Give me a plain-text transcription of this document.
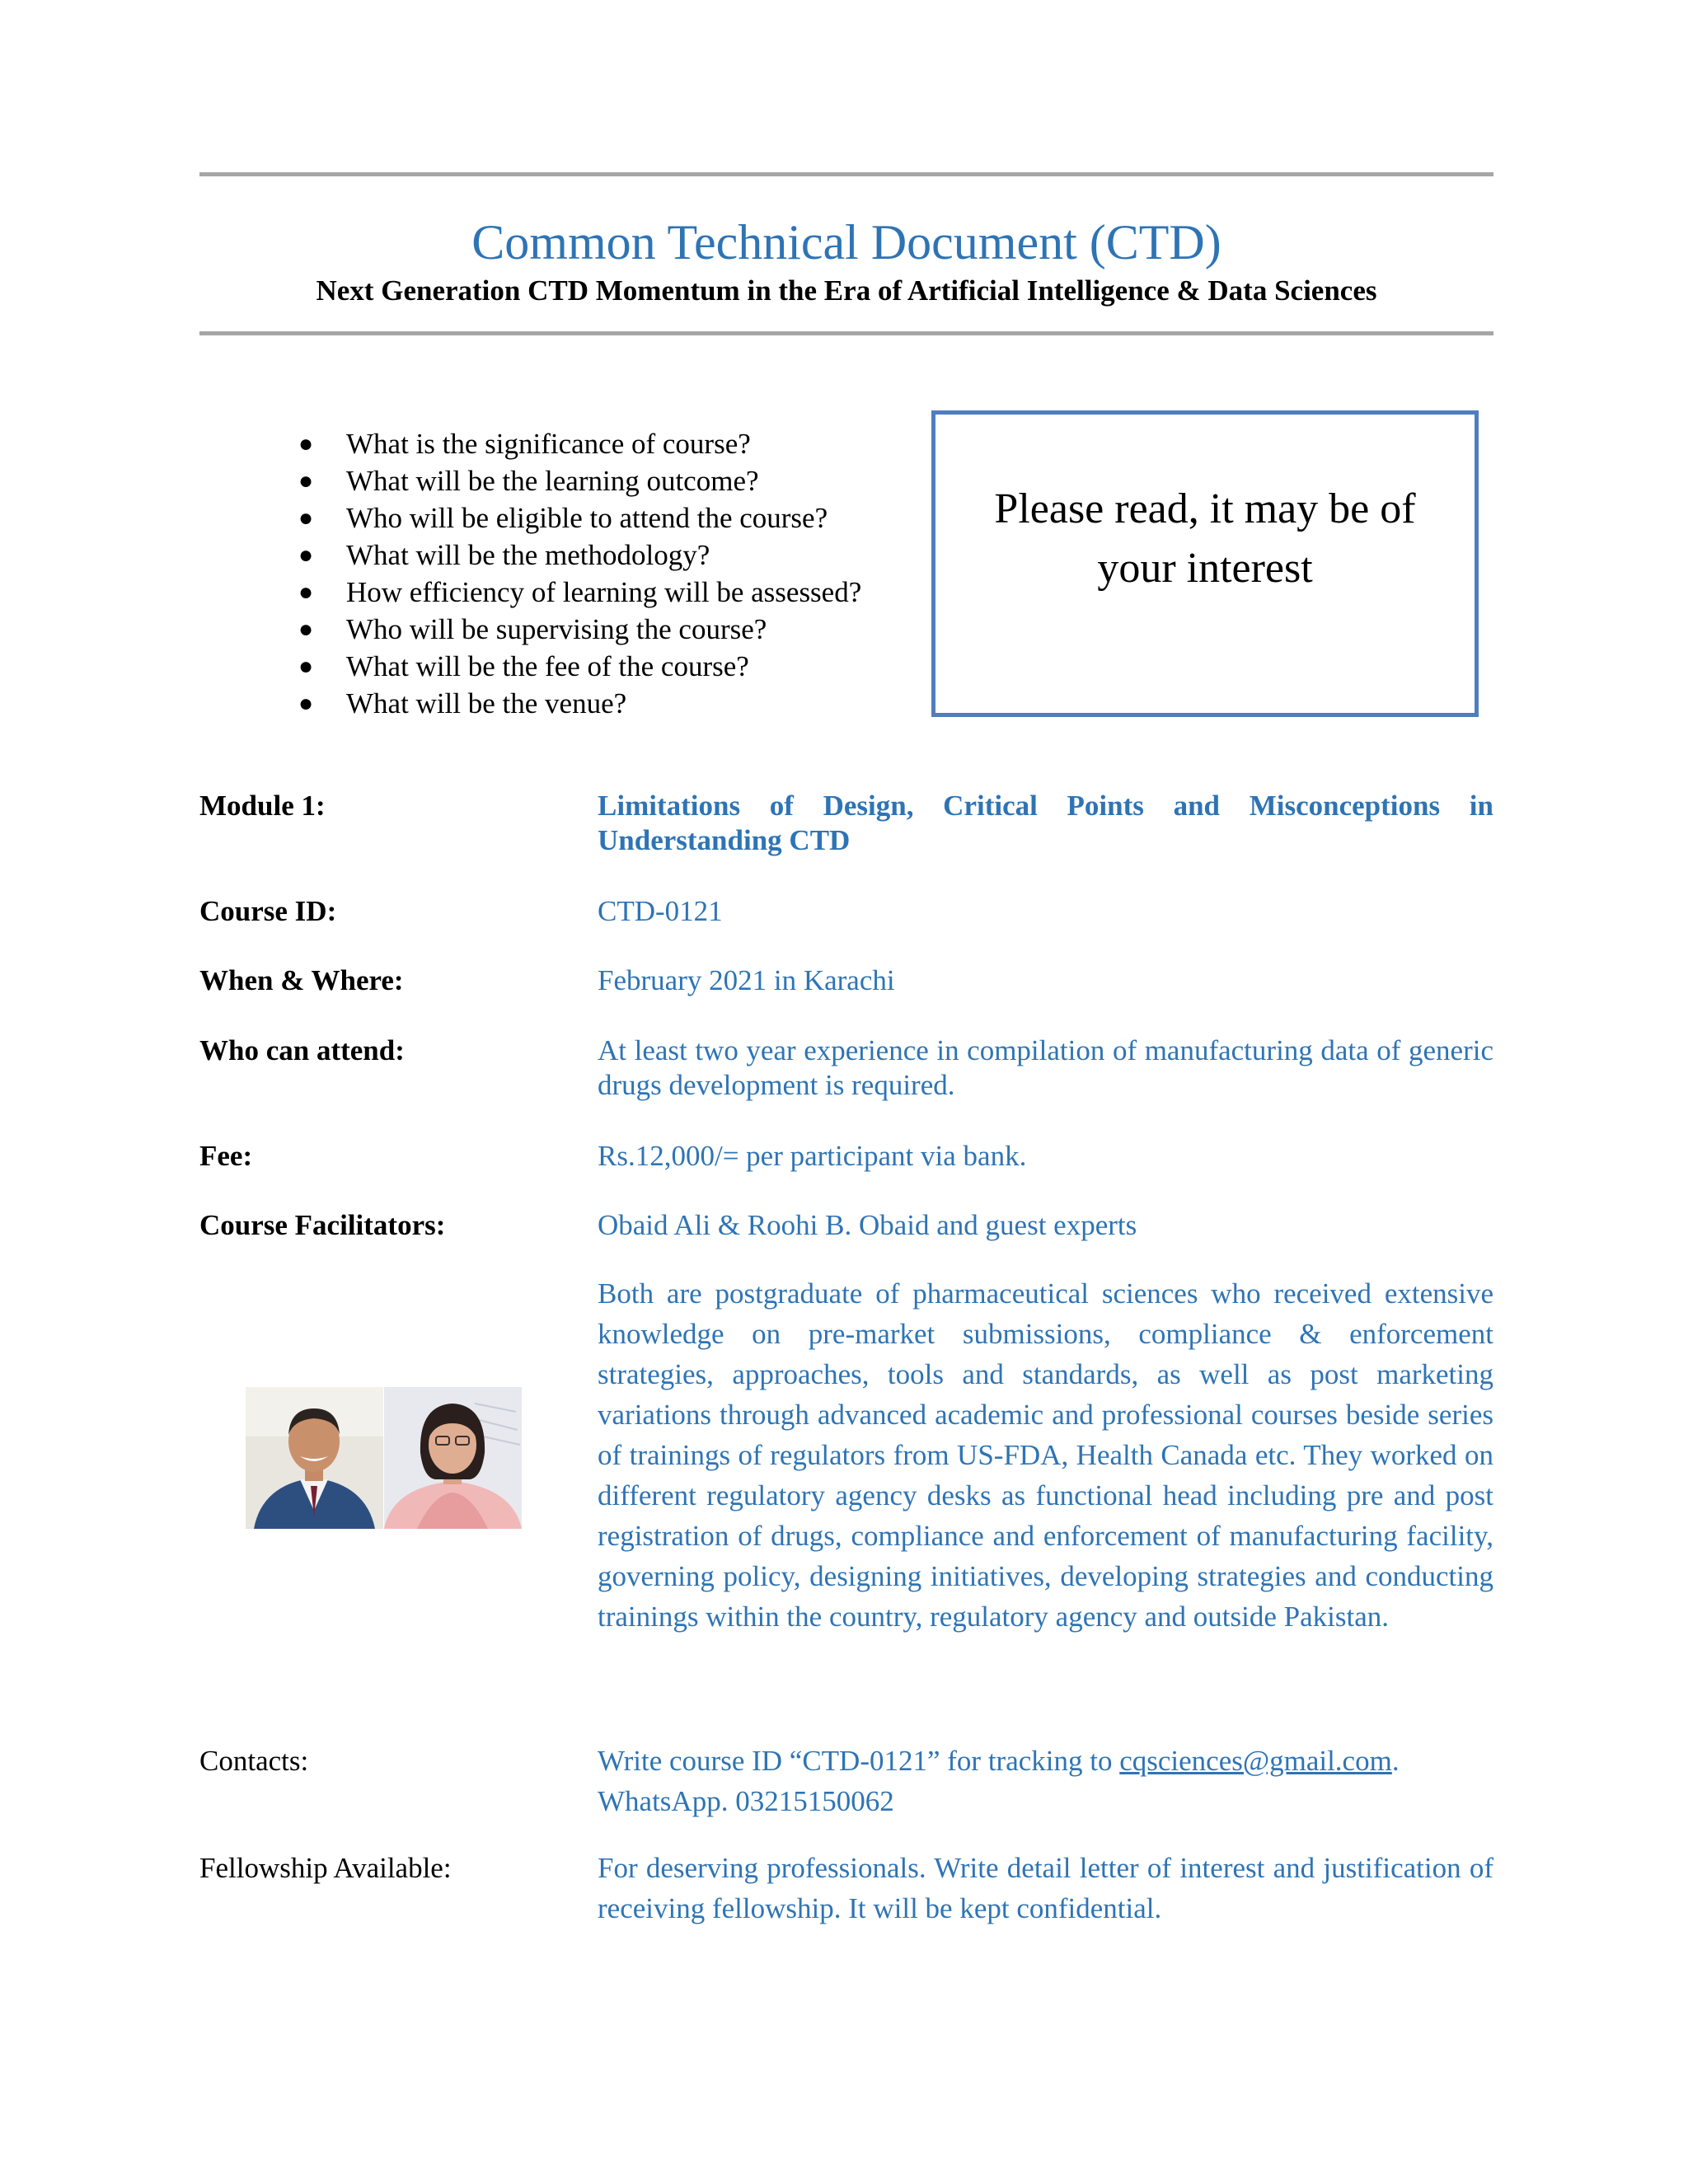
Common Technical Document (CTD)
Next Generation CTD Momentum in the Era of Artificial Intelligence & Data Sciences
● What is the significance of course?
● What will be the learning outcome?
● Who will be eligible to attend the course?
● What will be the methodology?
● How efficiency of learning will be assessed?
● Who will be supervising the course?
● What will be the fee of the course?
● What will be the venue?
Please read, it may be of your interest
Module 1:	Limitations of Design, Critical Points and Misconceptions in Understanding CTD
Course ID:	CTD-0121
When & Where:	February 2021 in Karachi
Who can attend:	At least two year experience in compilation of manufacturing data of generic drugs development is required.
Fee:	Rs.12,000/= per participant via bank.
Course Facilitators:	Obaid Ali & Roohi B. Obaid and guest experts
Both are postgraduate of pharmaceutical sciences who received extensive knowledge on pre-market submissions, compliance & enforcement strategies, approaches, tools and standards, as well as post marketing variations through advanced academic and professional courses beside series of trainings of regulators from US-FDA, Health Canada etc. They worked on different regulatory agency desks as functional head including pre and post registration of drugs, compliance and enforcement of manufacturing facility, governing policy, designing initiatives, developing strategies and conducting trainings within the country, regulatory agency and outside Pakistan.
Contacts:	Write course ID “CTD-0121” for tracking to cqsciences@gmail.com.
WhatsApp. 03215150062
Fellowship Available:	For deserving professionals. Write detail letter of interest and justification of receiving fellowship. It will be kept confidential.
